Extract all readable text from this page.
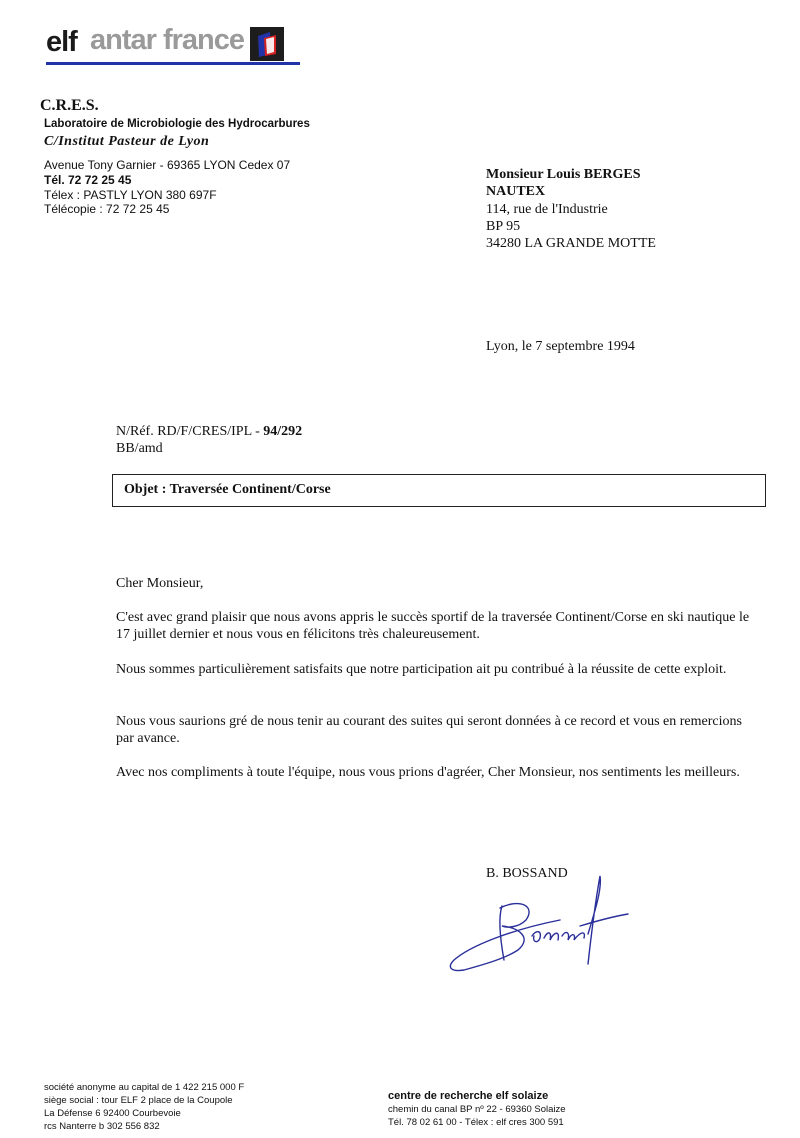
elf antar france
C.R.E.S.
Laboratoire de Microbiologie des Hydrocarbures
C/Institut Pasteur de Lyon
Avenue Tony Garnier - 69365 LYON Cedex 07
Tél. 72 72 25 45
Télex : PASTLY LYON 380 697F
Télécopie : 72 72 25 45
Monsieur Louis BERGES
NAUTEX
114, rue de l'Industrie
BP 95
34280 LA GRANDE MOTTE
Lyon, le 7 septembre 1994
N/Réf. RD/F/CRES/IPL - 94/292
BB/amd
Objet : Traversée Continent/Corse
Cher Monsieur,
C'est avec grand plaisir que nous avons appris le succès sportif de la traversée Continent/Corse en ski nautique le 17 juillet dernier et nous vous en félicitons très chaleureusement.
Nous sommes particulièrement satisfaits que notre participation ait pu contribué à la réussite de cette exploit.
Nous vous saurions gré de nous tenir au courant des suites qui seront données à ce record et vous en remercions par avance.
Avec nos compliments à toute l'équipe, nous vous prions d'agréer, Cher Monsieur, nos sentiments les meilleurs.
B. BOSSAND
société anonyme au capital de 1 422 215 000 F
siège social : tour ELF 2 place de la Coupole
La Défense 6 92400 Courbevoie
rcs Nanterre b 302 556 832
centre de recherche elf solaize
chemin du canal BP nº 22 - 69360 Solaize
Tél. 78 02 61 00 - Télex : elf cres 300 591
